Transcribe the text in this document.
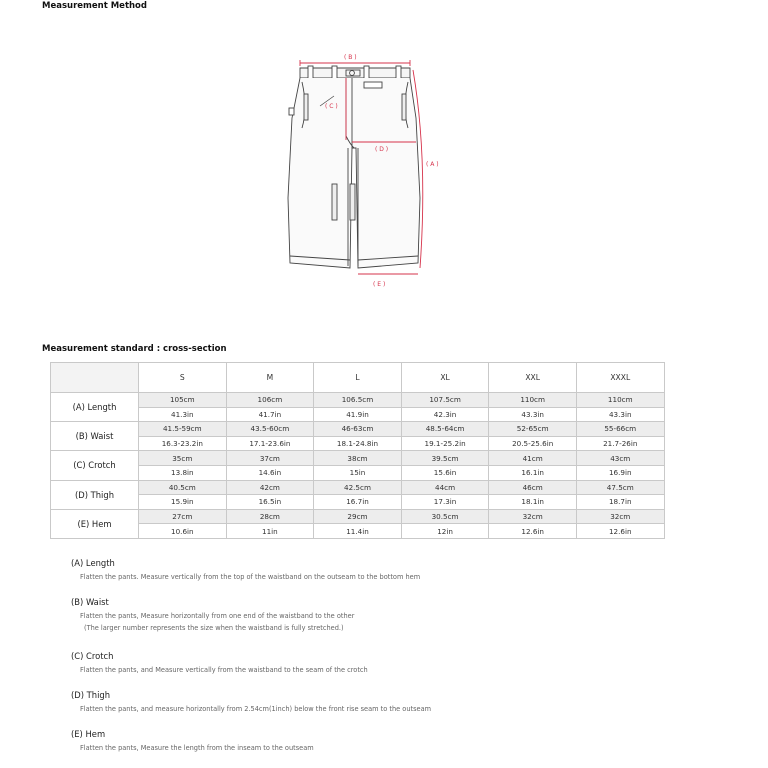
Measurement Method
( B )
( C )
( D )
( A )
( E )
Measurement standard : cross-section
	S	M	L	XL	XXL	XXXL
(A) Length	105cm	106cm	106.5cm	107.5cm	110cm	110cm
	41.3in	41.7in	41.9in	42.3in	43.3in	43.3in
(B) Waist	41.5-59cm	43.5-60cm	46-63cm	48.5-64cm	52-65cm	55-66cm
	16.3-23.2in	17.1-23.6in	18.1-24.8in	19.1-25.2in	20.5-25.6in	21.7-26in
(C) Crotch	35cm	37cm	38cm	39.5cm	41cm	43cm
	13.8in	14.6in	15in	15.6in	16.1in	16.9in
(D) Thigh	40.5cm	42cm	42.5cm	44cm	46cm	47.5cm
	15.9in	16.5in	16.7in	17.3in	18.1in	18.7in
(E) Hem	27cm	28cm	29cm	30.5cm	32cm	32cm
	10.6in	11in	11.4in	12in	12.6in	12.6in
(A) Length
Flatten the pants. Measure vertically from the top of the waistband on the outseam to the bottom hem
(B) Waist
Flatten the pants, Measure horizontally from one end of the waistband to the other
(The larger number represents the size when the waistband is fully stretched.)
(C) Crotch
Flatten the pants, and Measure vertically from the waistband to the seam of the crotch
(D) Thigh
Flatten the pants, and measure horizontally from 2.54cm(1inch) below the front rise seam to the outseam
(E) Hem
Flatten the pants, Measure the length from the inseam to the outseam
